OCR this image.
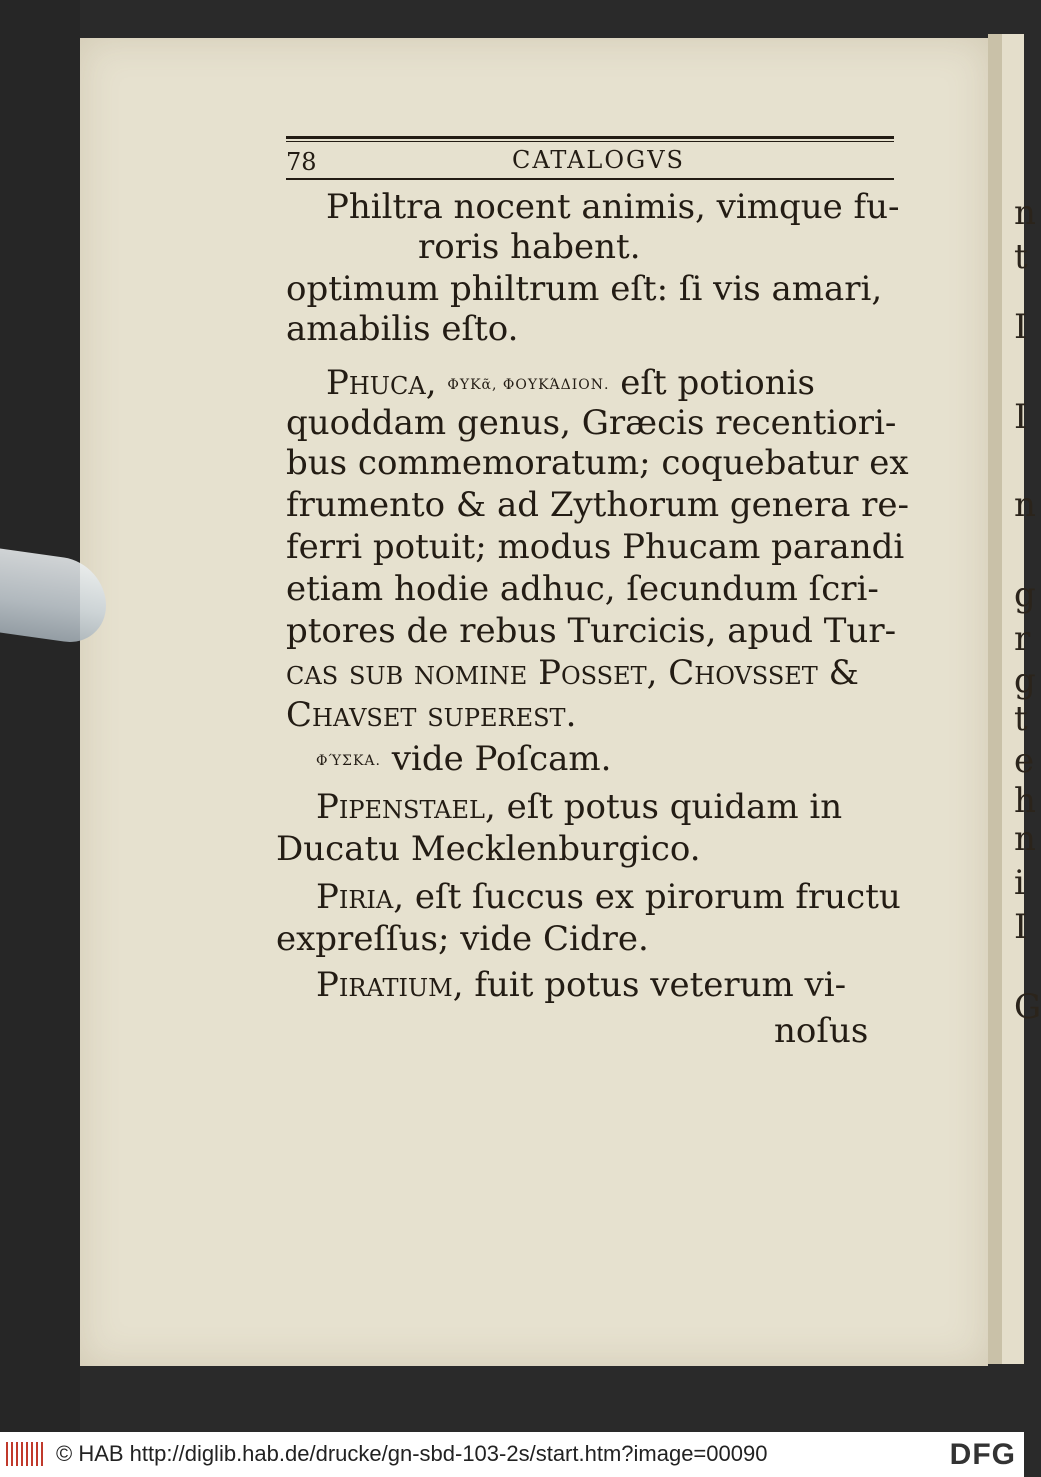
n
t
I
I
n
g
r
g
t
e
h
n
i
I
G
78	CATALOGVS
Philtra nocent animis, vimque fu-
roris habent.
optimum philtrum eſt: ſi vis amari,
amabilis eſto.
Phuca, ΦΥΚᾶ, ΦΟΥΚΆΔΙΟΝ. eſt potionis
quoddam genus, Græcis recentiori-
bus commemoratum; coquebatur ex
frumento & ad Zythorum genera re-
ferri potuit; modus Phucam parandi
etiam hodie adhuc, ſecundum ſcri-
ptores de rebus Turcicis, apud Tur-
cas ſub nomine Posset, Chovsset &
Chavset ſupereſt.
ΦΎΣΚΑ. vide Poſcam.
Pipenstael, eſt potus quidam in
Ducatu Mecklenburgico.
Piria, eſt ſuccus ex pirorum fructu
expreſſus; vide Cidre.
Piratium, fuit potus veterum vi-
noſus
© HAB http://diglib.hab.de/drucke/gn-sbd-103-2s/start.htm?image=00090	DFG
